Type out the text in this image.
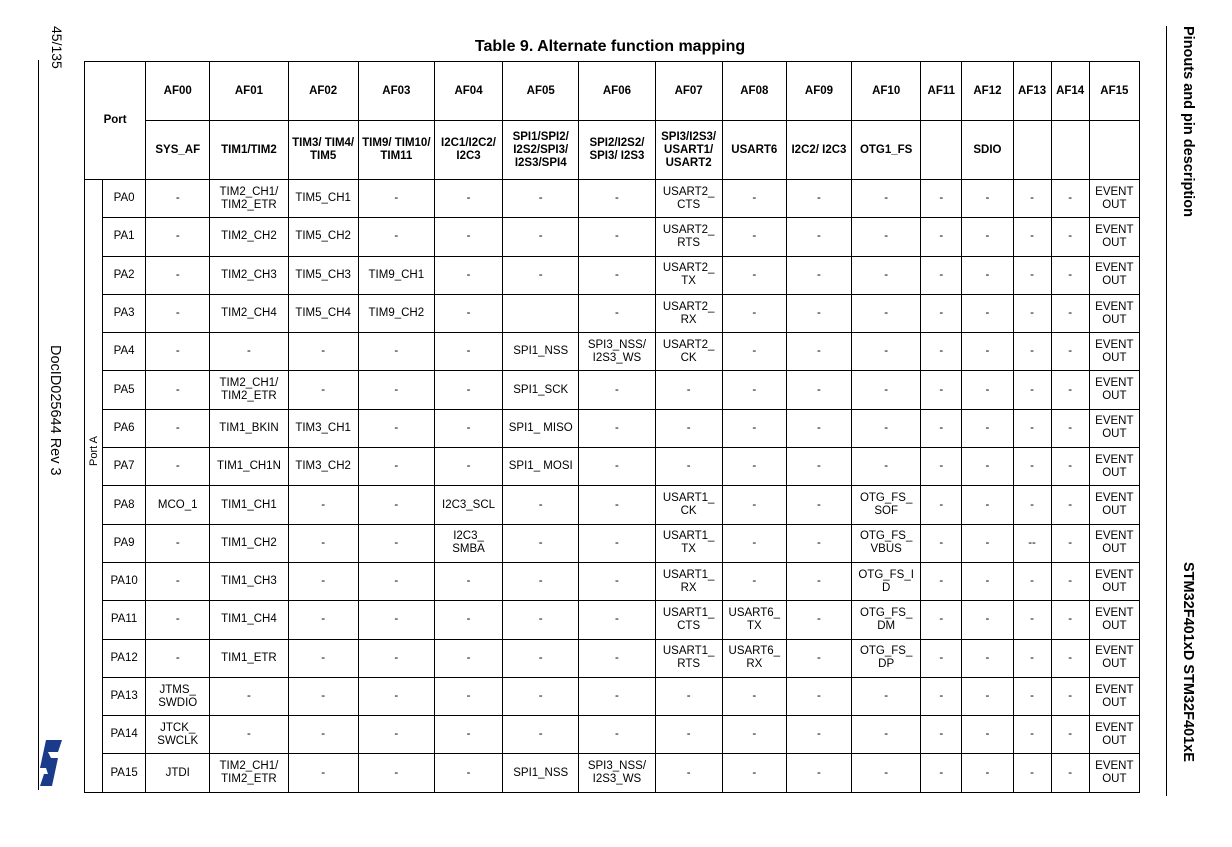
45/135
DocID025644 Rev 3
Pinouts and pin description
STM32F401xD STM32F401xE
Table 9. Alternate function mapping
Port		AF00	AF01	AF02	AF03	AF04	AF05	AF06	AF07	AF08	AF09	AF10	AF11	AF12	AF13	AF14	AF15
		SYS_AF	TIM1/TIM2	TIM3/ TIM4/ TIM5	TIM9/ TIM10/ TIM11	I2C1/I2C2/ I2C3	SPI1/SPI2/ I2S2/SPI3/ I2S3/SPI4	SPI2/I2S2/ SPI3/ I2S3	SPI3/I2S3/ USART1/ USART2	USART6	I2C2/ I2C3	OTG1_FS		SDIO			

Port A	PA0	-	TIM2_CH1/ TIM2_ETR	TIM5_CH1	-	-	-	-	USART2_ CTS	-	-	-	-	-	-	-	EVENT OUT
	PA1	-	TIM2_CH2	TIM5_CH2	-	-	-	-	USART2_ RTS	-	-	-	-	-	-	-	EVENT OUT
	PA2	-	TIM2_CH3	TIM5_CH3	TIM9_CH1	-	-	-	USART2_ TX	-	-	-	-	-	-	-	EVENT OUT
	PA3	-	TIM2_CH4	TIM5_CH4	TIM9_CH2	-		-	USART2_ RX	-	-	-	-	-	-	-	EVENT OUT
	PA4	-	-	-	-	-	SPI1_NSS	SPI3_NSS/ I2S3_WS	USART2_ CK	-	-	-	-	-	-	-	EVENT OUT
	PA5	-	TIM2_CH1/ TIM2_ETR	-	-	-	SPI1_SCK	-	-	-	-	-	-	-	-	-	EVENT OUT
	PA6	-	TIM1_BKIN	TIM3_CH1	-	-	SPI1_ MISO	-	-	-	-	-	-	-	-	-	EVENT OUT
	PA7	-	TIM1_CH1N	TIM3_CH2	-	-	SPI1_ MOSI	-	-	-	-	-	-	-	-	-	EVENT OUT
	PA8	MCO_1	TIM1_CH1	-	-	I2C3_SCL	-	-	USART1_ CK	-	-	OTG_FS_ SOF	-	-	-	-	EVENT OUT
	PA9	-	TIM1_CH2	-	-	I2C3_ SMBA	-	-	USART1_ TX	-	-	OTG_FS_ VBUS	-	-	--	-	EVENT OUT
	PA10	-	TIM1_CH3	-	-	-	-	-	USART1_ RX	-	-	OTG_FS_I D	-	-	-	-	EVENT OUT
	PA11	-	TIM1_CH4	-	-	-	-	-	USART1_ CTS	USART6_ TX	-	OTG_FS_ DM	-	-	-	-	EVENT OUT
	PA12	-	TIM1_ETR	-	-	-	-	-	USART1_ RTS	USART6_ RX	-	OTG_FS_ DP	-	-	-	-	EVENT OUT
	PA13	JTMS_ SWDIO	-	-	-	-	-	-	-	-	-	-	-	-	-	-	EVENT OUT
	PA14	JTCK_ SWCLK	-	-	-	-	-	-	-	-	-	-	-	-	-	-	EVENT OUT
	PA15	JTDI	TIM2_CH1/ TIM2_ETR	-	-	-	SPI1_NSS	SPI3_NSS/ I2S3_WS	-	-	-	-	-	-	-	-	EVENT OUT
